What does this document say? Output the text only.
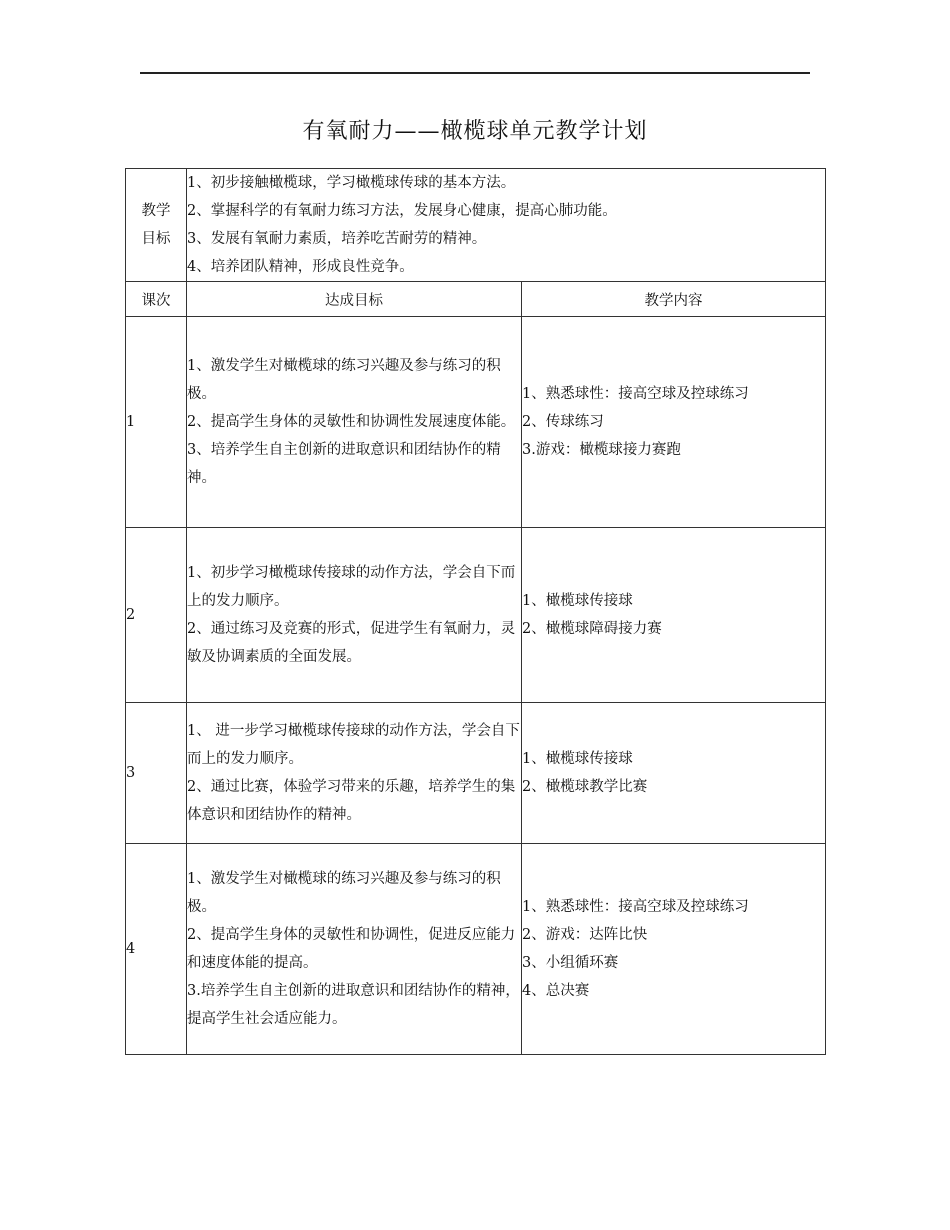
有氧耐力——橄榄球单元教学计划
教学
目标	1、初步接触橄榄球，学习橄榄球传球的基本方法。
2、掌握科学的有氧耐力练习方法，发展身心健康，提高心肺功能。
3、发展有氧耐力素质，培养吃苦耐劳的精神。
4、培养团队精神，形成良性竞争。	

课次	达成目标	教学内容
1	1、激发学生对橄榄球的练习兴趣及参与练习的积极。
2、提高学生身体的灵敏性和协调性发展速度体能。
3、培养学生自主创新的进取意识和团结协作的精神。	1、熟悉球性：接高空球及控球练习
2、传球练习
3.游戏：橄榄球接力赛跑

2	1、初步学习橄榄球传接球的动作方法，学会自下而上的发力顺序。
2、通过练习及竞赛的形式，促进学生有氧耐力，灵敏及协调素质的全面发展。	1、橄榄球传接球
2、橄榄球障碍接力赛

3	1、 进一步学习橄榄球传接球的动作方法，学会自下而上的发力顺序。
2、通过比赛，体验学习带来的乐趣，培养学生的集体意识和团结协作的精神。	1、橄榄球传接球
2、橄榄球教学比赛

4	1、激发学生对橄榄球的练习兴趣及参与练习的积极。
2、提高学生身体的灵敏性和协调性，促进反应能力和速度体能的提高。
3.培养学生自主创新的进取意识和团结协作的精神，提高学生社会适应能力。	1、熟悉球性：接高空球及控球练习
2、游戏：达阵比快
3、小组循环赛
4、总决赛
